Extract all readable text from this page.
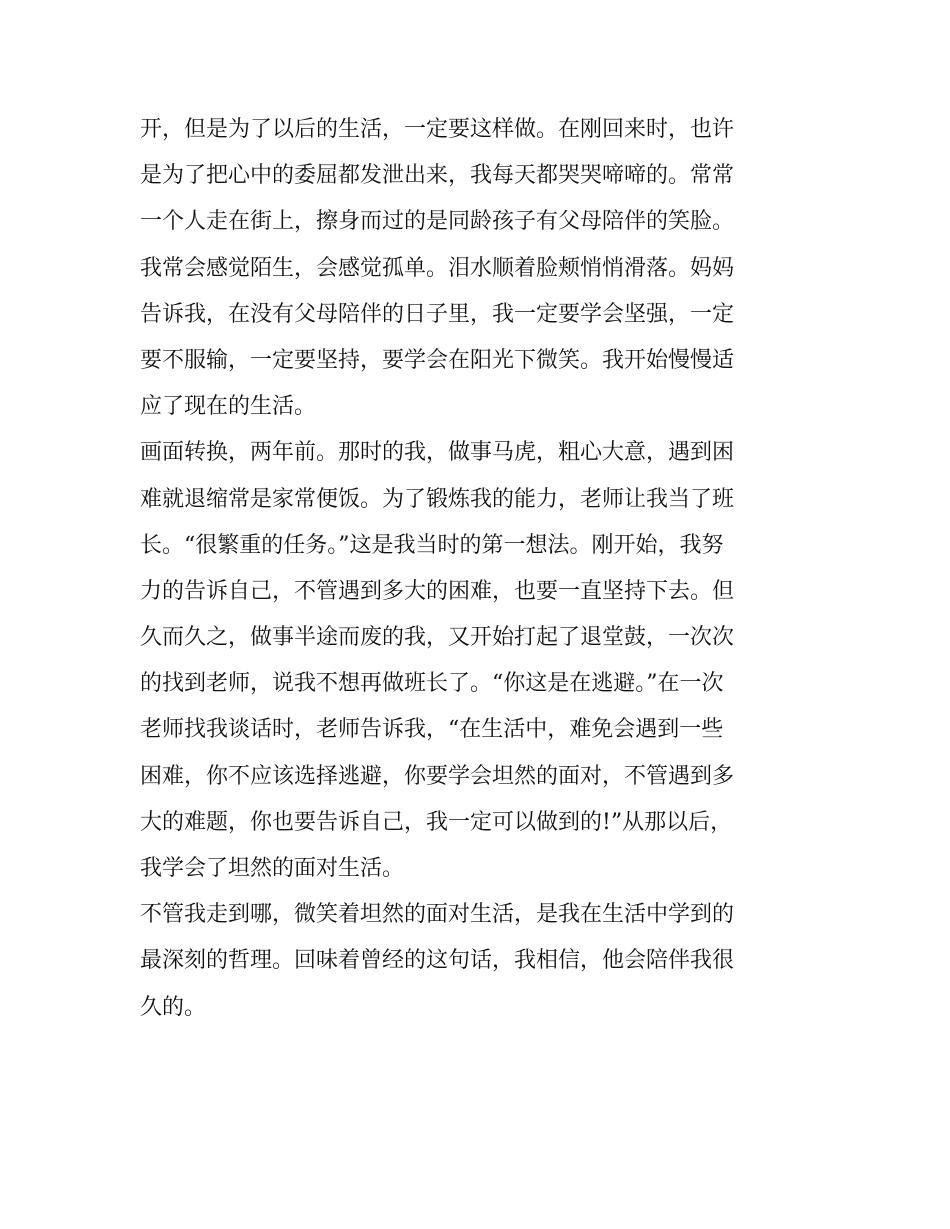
开，但是为了以后的生活，一定要这样做。在刚回来时，也许
是为了把心中的委屈都发泄出来，我每天都哭哭啼啼的。常常
一个人走在街上，擦身而过的是同龄孩子有父母陪伴的笑脸。
我常会感觉陌生，会感觉孤单。泪水顺着脸颊悄悄滑落。妈妈
告诉我，在没有父母陪伴的日子里，我一定要学会坚强，一定
要不服输，一定要坚持，要学会在阳光下微笑。我开始慢慢适
应了现在的生活。
画面转换，两年前。那时的我，做事马虎，粗心大意，遇到困
难就退缩常是家常便饭。为了锻炼我的能力，老师让我当了班
长。“很繁重的任务。”这是我当时的第一想法。刚开始，我努
力的告诉自己，不管遇到多大的困难，也要一直坚持下去。但
久而久之，做事半途而废的我，又开始打起了退堂鼓，一次次
的找到老师，说我不想再做班长了。“你这是在逃避。”在一次
老师找我谈话时，老师告诉我，“在生活中，难免会遇到一些
困难，你不应该选择逃避，你要学会坦然的面对，不管遇到多
大的难题，你也要告诉自己，我一定可以做到的!”从那以后，
我学会了坦然的面对生活。
不管我走到哪，微笑着坦然的面对生活，是我在生活中学到的
最深刻的哲理。回味着曾经的这句话，我相信，他会陪伴我很
久的。
